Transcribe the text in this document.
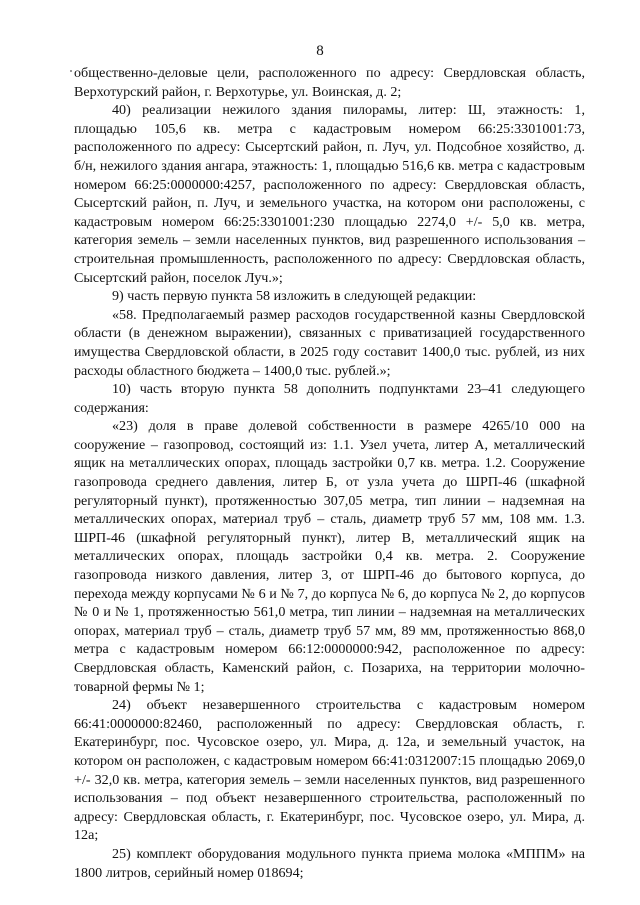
8

общественно-деловые цели, расположенного по адресу: Свердловская область, Верхотурский район, г. Верхотурье, ул. Воинская, д. 2;

40) реализации нежилого здания пилорамы, литер: Ш, этажность: 1, площадью 105,6 кв. метра с кадастровым номером 66:25:3301001:73, расположенного по адресу: Сысертский район, п. Луч, ул. Подсобное хозяйство, д. б/н, нежилого здания ангара, этажность: 1, площадью 516,6 кв. метра с кадастровым номером 66:25:0000000:4257, расположенного по адресу: Свердловская область, Сысертский район, п. Луч, и земельного участка, на котором они расположены, с кадастровым номером 66:25:3301001:230 площадью 2274,0 +/- 5,0 кв. метра, категория земель – земли населенных пунктов, вид разрешенного использования – строительная промышленность, расположенного по адресу: Свердловская область, Сысертский район, поселок Луч.»;

9) часть первую пункта 58 изложить в следующей редакции:

«58. Предполагаемый размер расходов государственной казны Свердловской области (в денежном выражении), связанных с приватизацией государственного имущества Свердловской области, в 2025 году составит 1400,0 тыс. рублей, из них расходы областного бюджета – 1400,0 тыс. рублей.»;

10) часть вторую пункта 58 дополнить подпунктами 23–41 следующего содержания:

«23) доля в праве долевой собственности в размере 4265/10 000 на сооружение – газопровод, состоящий из: 1.1. Узел учета, литер А, металлический ящик на металлических опорах, площадь застройки 0,7 кв. метра. 1.2. Сооружение газопровода среднего давления, литер Б, от узла учета до ШРП-46 (шкафной регуляторный пункт), протяженностью 307,05 метра, тип линии – надземная на металлических опорах, материал труб – сталь, диаметр труб 57 мм, 108 мм. 1.3. ШРП-46 (шкафной регуляторный пункт), литер В, металлический ящик на металлических опорах, площадь застройки 0,4 кв. метра. 2. Сооружение газопровода низкого давления, литер 3, от ШРП-46 до бытового корпуса, до перехода между корпусами № 6 и № 7, до корпуса № 6, до корпуса № 2, до корпусов № 0 и № 1, протяженностью 561,0 метра, тип линии – надземная на металлических опорах, материал труб – сталь, диаметр труб 57 мм, 89 мм, протяженностью 868,0 метра с кадастровым номером 66:12:0000000:942, расположенное по адресу: Свердловская область, Каменский район, с. Позариха, на территории молочно-товарной фермы № 1;

24) объект незавершенного строительства с кадастровым номером 66:41:0000000:82460, расположенный по адресу: Свердловская область, г. Екатеринбург, пос. Чусовское озеро, ул. Мира, д. 12а, и земельный участок, на котором он расположен, с кадастровым номером 66:41:0312007:15 площадью 2069,0 +/- 32,0 кв. метра, категория земель – земли населенных пунктов, вид разрешенного использования – под объект незавершенного строительства, расположенный по адресу: Свердловская область, г. Екатеринбург, пос. Чусовское озеро, ул. Мира, д. 12а;

25) комплект оборудования модульного пункта приема молока «МППМ» на 1800 литров, серийный номер 018694;
